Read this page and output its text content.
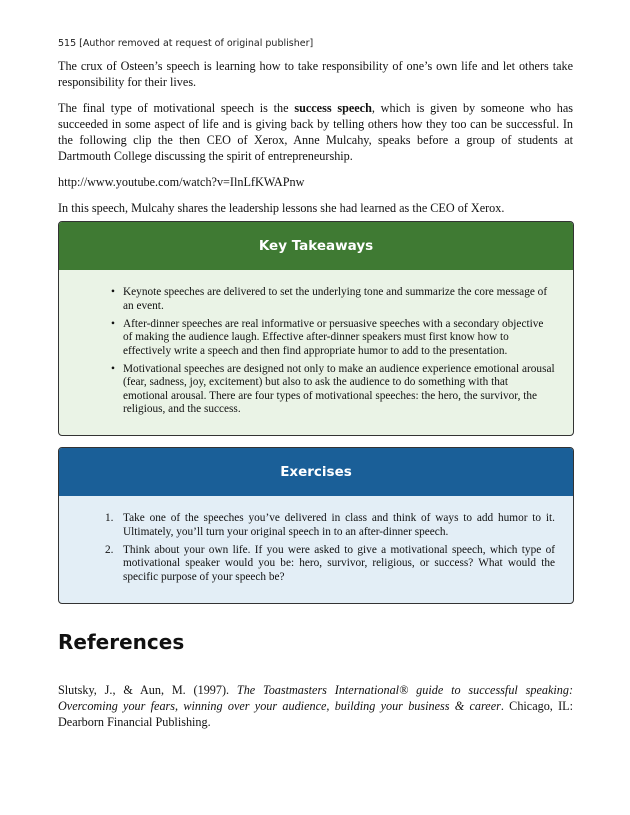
515 [Author removed at request of original publisher]

The crux of Osteen’s speech is learning how to take responsibility of one’s own life and let others take responsibility for their lives.

The final type of motivational speech is the success speech, which is given by someone who has succeeded in some aspect of life and is giving back by telling others how they too can be successful. In the following clip the then CEO of Xerox, Anne Mulcahy, speaks before a group of students at Dartmouth College discussing the spirit of entrepreneurship.

http://www.youtube.com/watch?v=IlnLfKWAPnw

In this speech, Mulcahy shares the leadership lessons she had learned as the CEO of Xerox.

Key Takeaways
• Keynote speeches are delivered to set the underlying tone and summarize the core message of an event.
• After-dinner speeches are real informative or persuasive speeches with a secondary objective of making the audience laugh. Effective after-dinner speakers must first know how to effectively write a speech and then find appropriate humor to add to the presentation.
• Motivational speeches are designed not only to make an audience experience emotional arousal (fear, sadness, joy, excitement) but also to ask the audience to do something with that emotional arousal. There are four types of motivational speeches: the hero, the survivor, the religious, and the success.
Exercises
1. Take one of the speeches you’ve delivered in class and think of ways to add humor to it. Ultimately, you’ll turn your original speech in to an after-dinner speech.
2. Think about your own life. If you were asked to give a motivational speech, which type of motivational speaker would you be: hero, survivor, religious, or success? What would the specific purpose of your speech be?
References

Slutsky, J., & Aun, M. (1997). The Toastmasters International® guide to successful speaking: Overcoming your fears, winning over your audience, building your business & career. Chicago, IL: Dearborn Financial Publishing.
